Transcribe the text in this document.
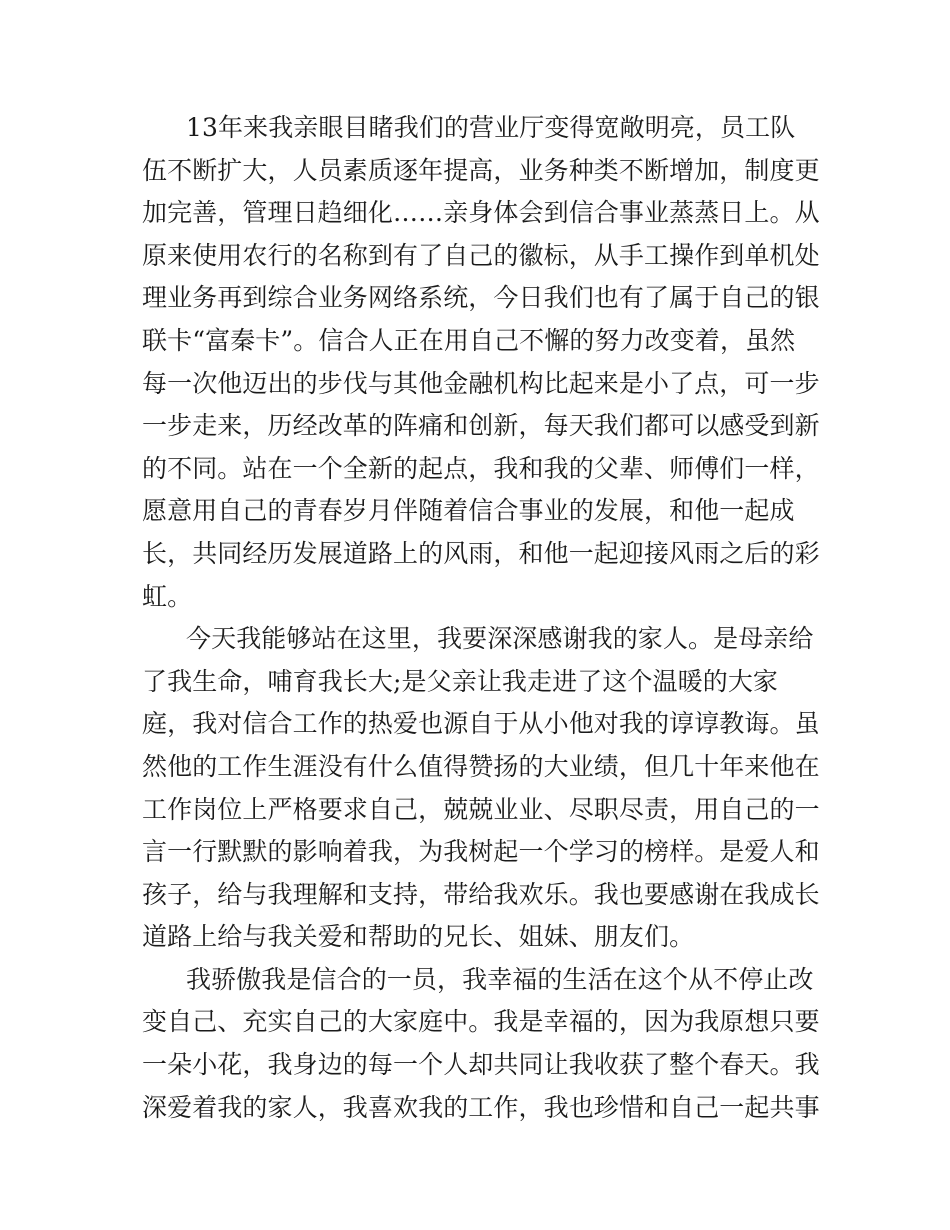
13年来我亲眼目睹我们的营业厅变得宽敞明亮，员工队
伍不断扩大，人员素质逐年提高，业务种类不断增加，制度更
加完善，管理日趋细化……亲身体会到信合事业蒸蒸日上。从
原来使用农行的名称到有了自己的徽标，从手工操作到单机处
理业务再到综合业务网络系统，今日我们也有了属于自己的银
联卡“富秦卡”。信合人正在用自己不懈的努力改变着，虽然
每一次他迈出的步伐与其他金融机构比起来是小了点，可一步
一步走来，历经改革的阵痛和创新，每天我们都可以感受到新
的不同。站在一个全新的起点，我和我的父辈、师傅们一样，
愿意用自己的青春岁月伴随着信合事业的发展，和他一起成
长，共同经历发展道路上的风雨，和他一起迎接风雨之后的彩
虹。
今天我能够站在这里，我要深深感谢我的家人。是母亲给
了我生命，哺育我长大;是父亲让我走进了这个温暖的大家
庭，我对信合工作的热爱也源自于从小他对我的谆谆教诲。虽
然他的工作生涯没有什么值得赞扬的大业绩，但几十年来他在
工作岗位上严格要求自己，兢兢业业、尽职尽责，用自己的一
言一行默默的影响着我，为我树起一个学习的榜样。是爱人和
孩子，给与我理解和支持，带给我欢乐。我也要感谢在我成长
道路上给与我关爱和帮助的兄长、姐妹、朋友们。
我骄傲我是信合的一员，我幸福的生活在这个从不停止改
变自己、充实自己的大家庭中。我是幸福的，因为我原想只要
一朵小花，我身边的每一个人却共同让我收获了整个春天。我
深爱着我的家人，我喜欢我的工作，我也珍惜和自己一起共事
